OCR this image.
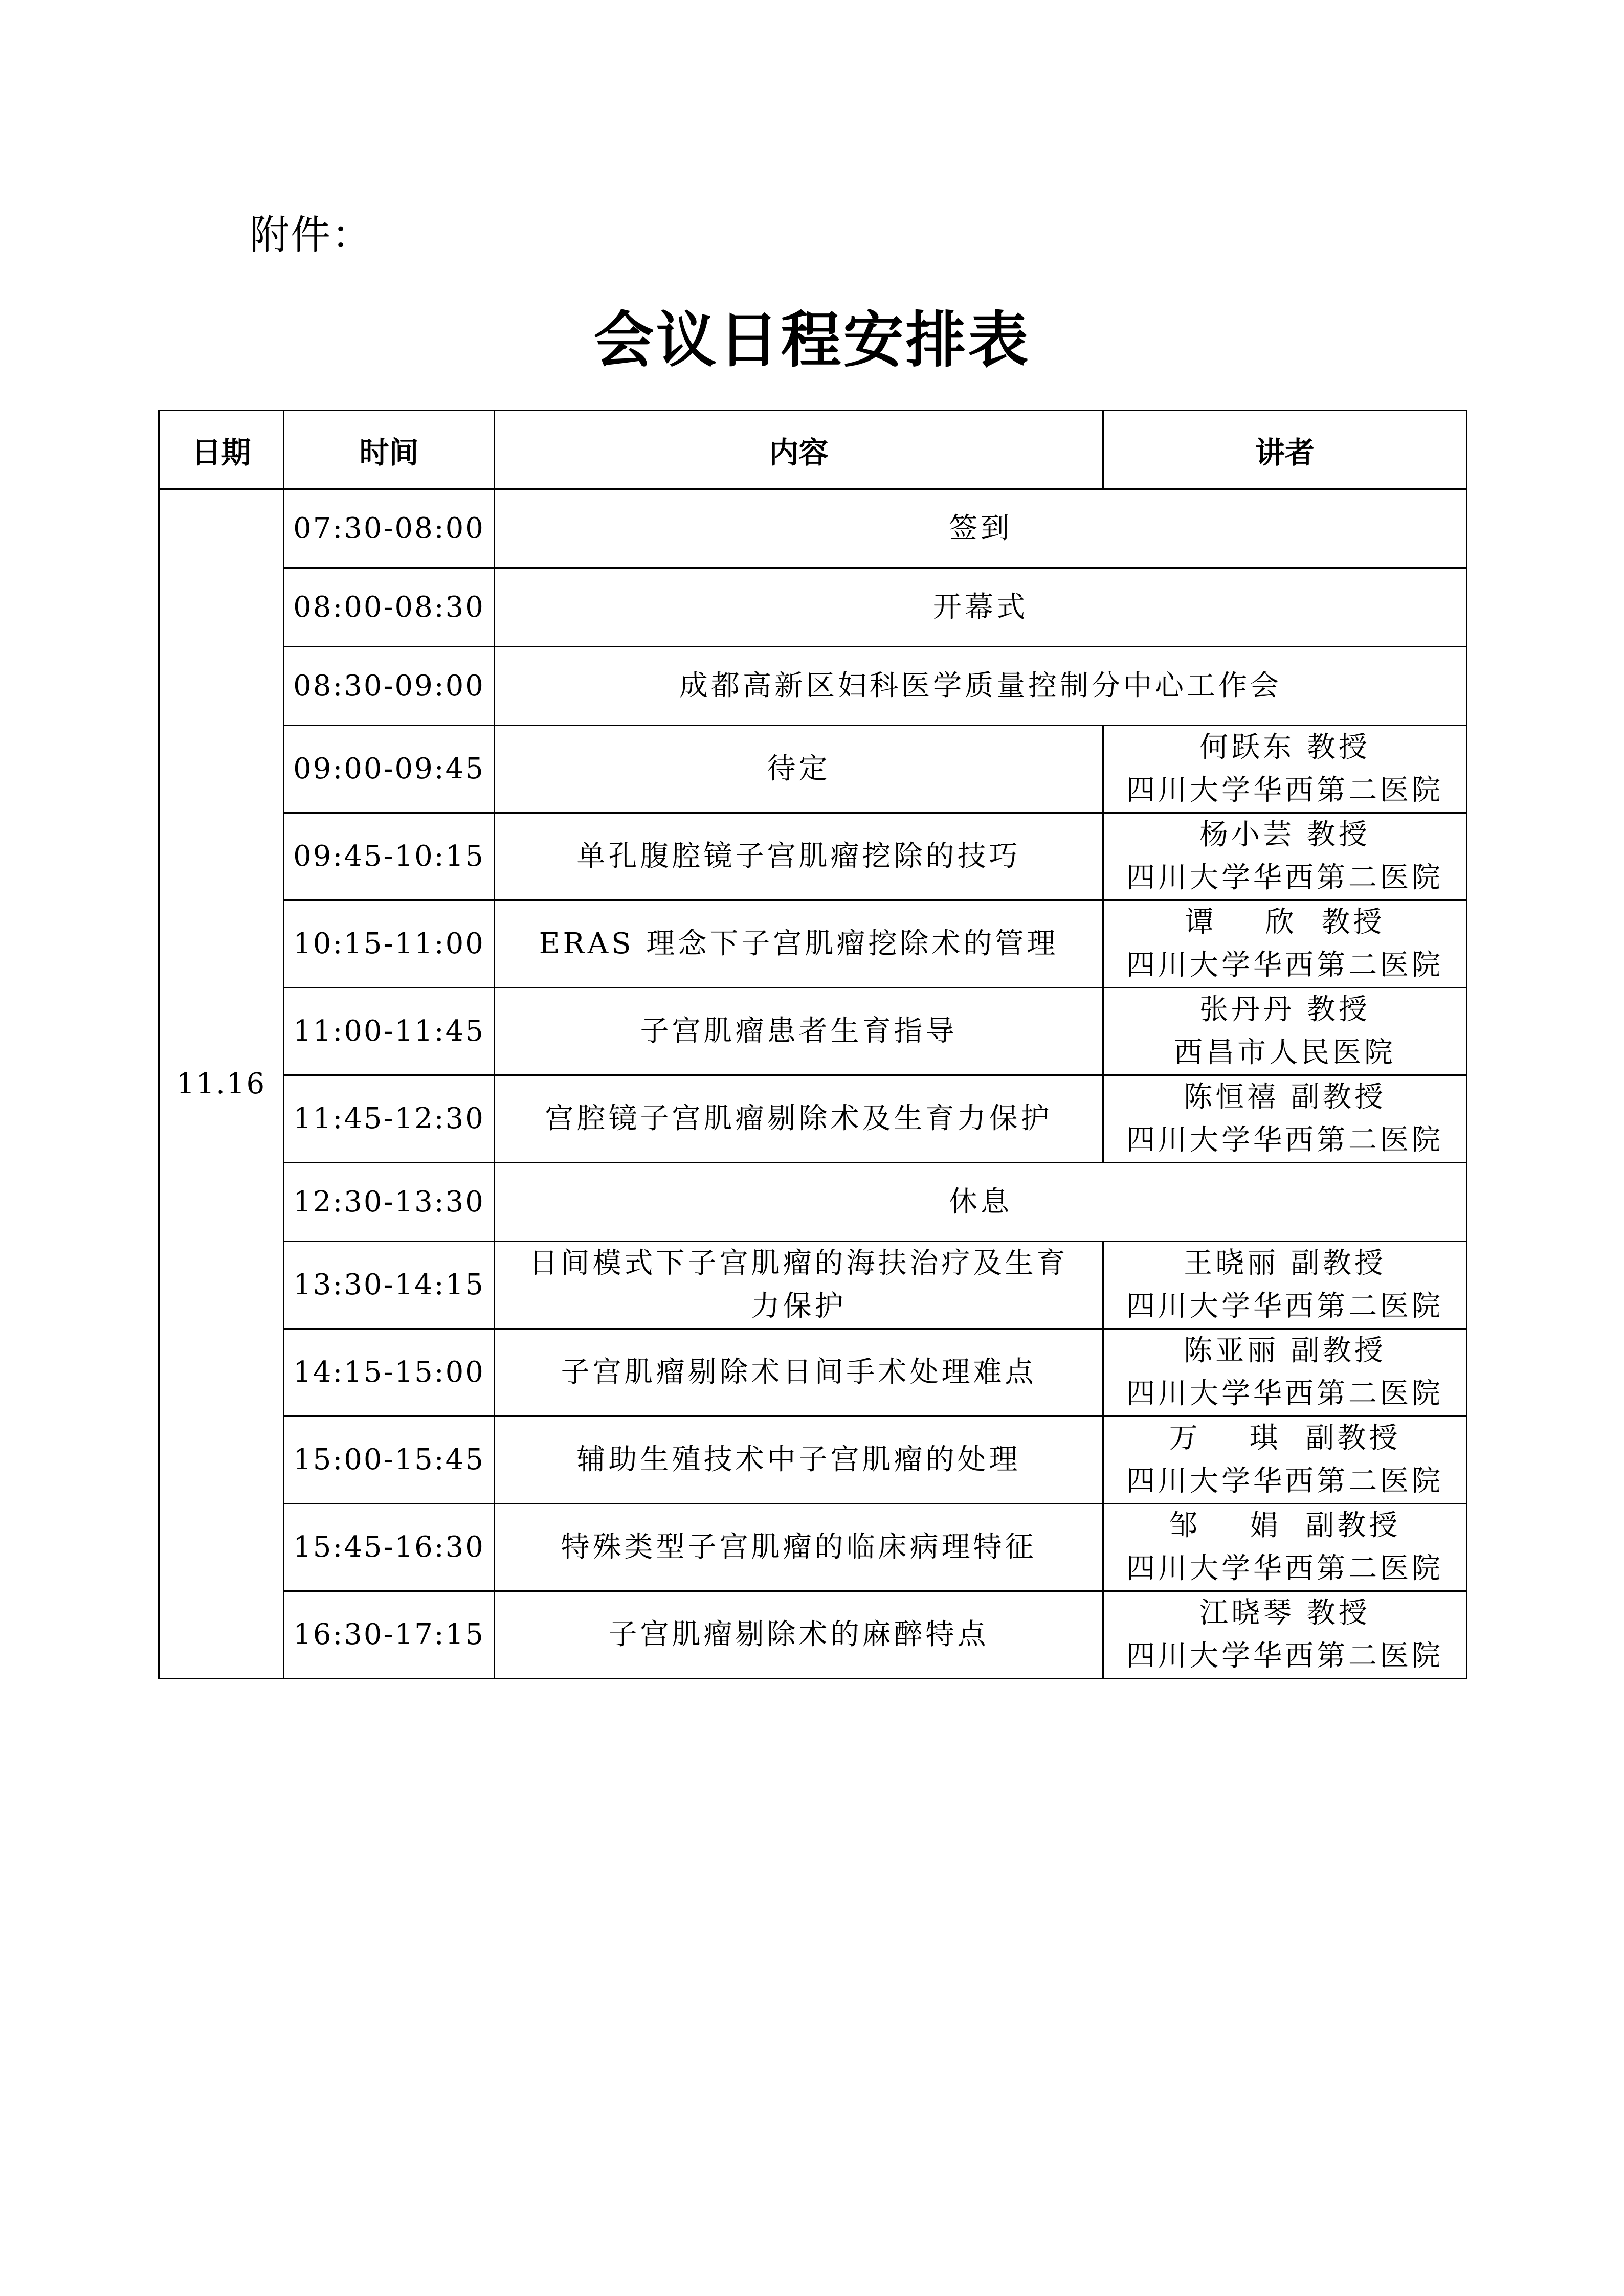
附件：
会议日程安排表
日期	时间	内容	讲者
11.16	07:30-08:00	签到	
	08:00-08:30	开幕式	
	08:30-09:00	成都高新区妇科医学质量控制分中心工作会	
	09:00-09:45	待定	何跃东 教授
四川大学华西第二医院

	09:45-10:15	单孔腹腔镜子宫肌瘤挖除的技巧	杨小芸 教授
四川大学华西第二医院

	10:15-11:00	ERAS 理念下子宫肌瘤挖除术的管理	谭    欣  教授
四川大学华西第二医院

	11:00-11:45	子宫肌瘤患者生育指导	张丹丹 教授
西昌市人民医院

	11:45-12:30	宫腔镜子宫肌瘤剔除术及生育力保护	陈恒禧 副教授
四川大学华西第二医院

	12:30-13:30	休息	
	13:30-14:15	日间模式下子宫肌瘤的海扶治疗及生育力保护	王晓丽 副教授
四川大学华西第二医院

	14:15-15:00	子宫肌瘤剔除术日间手术处理难点	陈亚丽 副教授
四川大学华西第二医院

	15:00-15:45	辅助生殖技术中子宫肌瘤的处理	万    琪  副教授
四川大学华西第二医院

	15:45-16:30	特殊类型子宫肌瘤的临床病理特征	邹    娟  副教授
四川大学华西第二医院

	16:30-17:15	子宫肌瘤剔除术的麻醉特点	江晓琴 教授
四川大学华西第二医院
